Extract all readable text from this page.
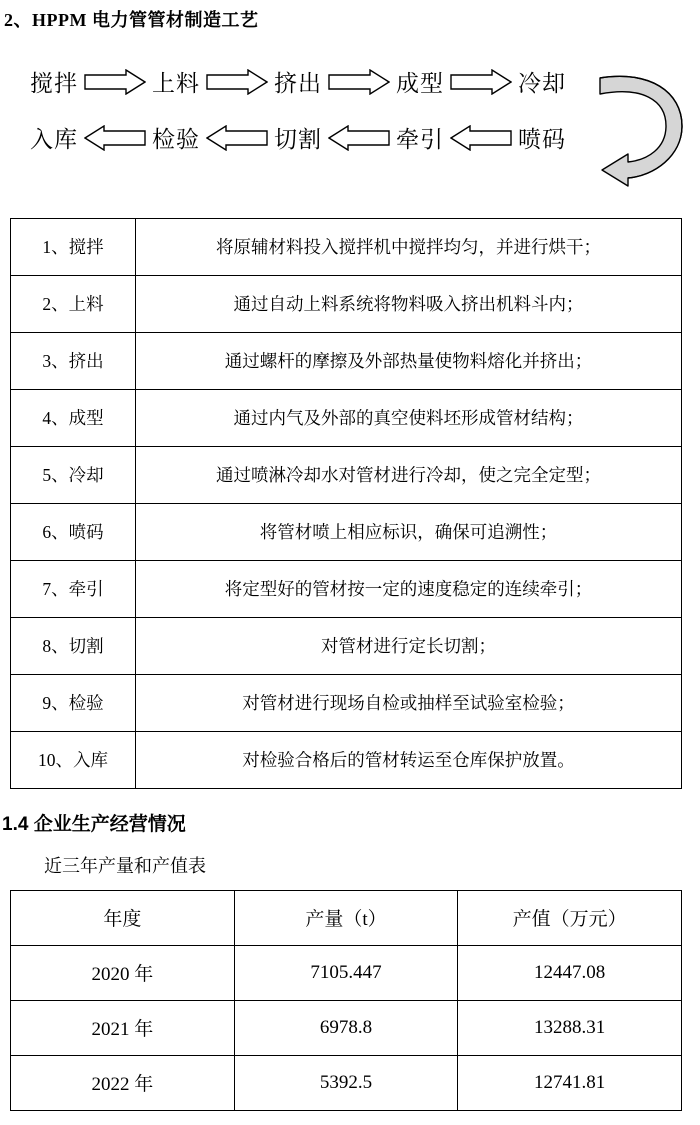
2、HPPM 电力管管材制造工艺
搅拌	上料	挤出	成型	冷却
入库	检验	切割	牵引	喷码
1、搅拌	将原辅材料投入搅拌机中搅拌均匀，并进行烘干；
2、上料	通过自动上料系统将物料吸入挤出机料斗内；
3、挤出	通过螺杆的摩擦及外部热量使物料熔化并挤出；
4、成型	通过内气及外部的真空使料坯形成管材结构；
5、冷却	通过喷淋冷却水对管材进行冷却，使之完全定型；
6、喷码	将管材喷上相应标识，确保可追溯性；
7、牵引	将定型好的管材按一定的速度稳定的连续牵引；
8、切割	对管材进行定长切割；
9、检验	对管材进行现场自检或抽样至试验室检验；
10、入库	对检验合格后的管材转运至仓库保护放置。
1.4 企业生产经营情况
近三年产量和产值表
年度	产量（t）	产值（万元）
2020 年	7105.447	12447.08
2021 年	6978.8	13288.31
2022 年	5392.5	12741.81
